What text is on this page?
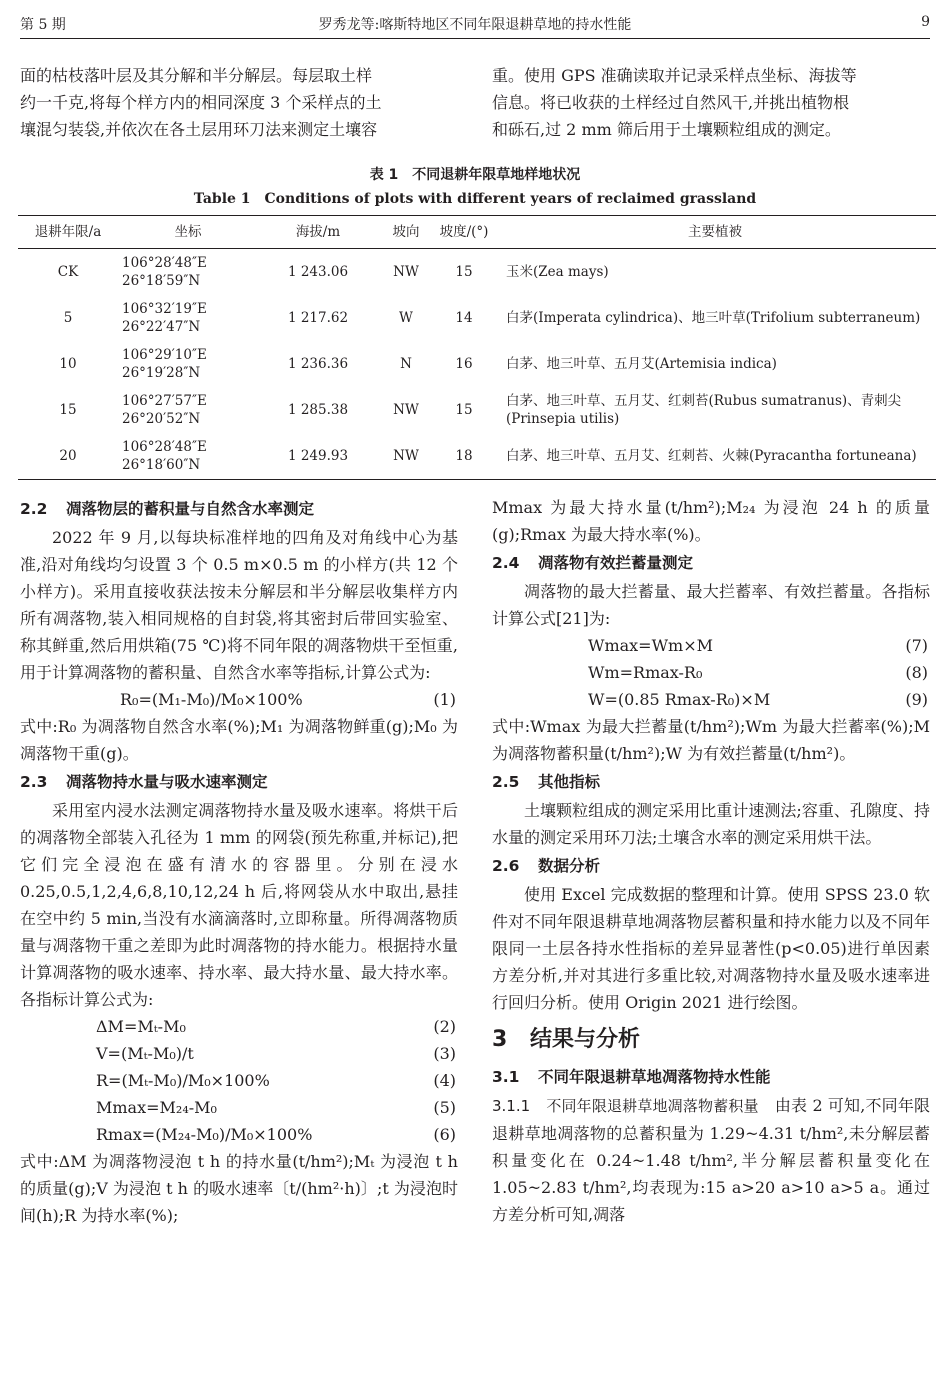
第 5 期	罗秀龙等:喀斯特地区不同年限退耕草地的持水性能	9

面的枯枝落叶层及其分解和半分解层。每层取土样

约一千克,将每个样方内的相同深度 3 个采样点的土

壤混匀装袋,并依次在各土层用环刀法来测定土壤容

重。使用 GPS 准确读取并记录采样点坐标、海拔等

信息。将已收获的土样经过自然风干,并挑出植物根

和砾石,过 2 mm 筛后用于土壤颗粒组成的测定。

表 1　不同退耕年限草地样地状况
Table 1　Conditions of plots with different years of reclaimed grassland
退耕年限/a	坐标	海拔/m	坡向	坡度/(°)	主要植被
CK	106°28′48″E
26°18′59″N	1 243.06	NW	15	玉米(Zea mays)
5	106°32′19″E
26°22′47″N	1 217.62	W	14	白茅(Imperata cylindrica)、地三叶草(Trifolium subterraneum)
10	106°29′10″E
26°19′28″N	1 236.36	N	16	白茅、地三叶草、五月艾(Artemisia indica)
15	106°27′57″E
26°20′52″N	1 285.38	NW	15	白茅、地三叶草、五月艾、红刺苔(Rubus sumatranus)、青刺尖(Prinsepia utilis)
20	106°28′48″E
26°18′60″N	1 249.93	NW	18	白茅、地三叶草、五月艾、红刺苔、火棘(Pyracantha fortuneana)
2.2 凋落物层的蓄积量与自然含水率测定

2022 年 9 月,以每块标准样地的四角及对角线中心为基准,沿对角线均匀设置 3 个 0.5 m×0.5 m 的小样方(共 12 个小样方)。采用直接收获法按未分解层和半分解层收集样方内所有凋落物,装入相同规格的自封袋,将其密封后带回实验室、称其鲜重,然后用烘箱(75 ℃)将不同年限的凋落物烘干至恒重,用于计算凋落物的蓄积量、自然含水率等指标,计算公式为:

R₀=(M₁-M₀)/M₀×100%	(1)

式中:R₀ 为凋落物自然含水率(%);M₁ 为凋落物鲜重(g);M₀ 为凋落物干重(g)。

2.3 凋落物持水量与吸水速率测定

采用室内浸水法测定凋落物持水量及吸水速率。将烘干后的凋落物全部装入孔径为 1 mm 的网袋(预先称重,并标记),把它们完全浸泡在盛有清水的容器里。分别在浸水 0.25,0.5,1,2,4,6,8,10,12,24 h 后,将网袋从水中取出,悬挂在空中约 5 min,当没有水滴滴落时,立即称量。所得凋落物质量与凋落物干重之差即为此时凋落物的持水能力。根据持水量计算凋落物的吸水速率、持水率、最大持水量、最大持水率。各指标计算公式为:

ΔM=Mₜ-M₀	(2)
V=(Mₜ-M₀)/t	(3)
R=(Mₜ-M₀)/M₀×100%	(4)
Mmax=M₂₄-M₀	(5)
Rmax=(M₂₄-M₀)/M₀×100%	(6)

式中:ΔM 为凋落物浸泡 t h 的持水量(t/hm²);Mₜ 为浸泡 t h 的质量(g);V 为浸泡 t h 的吸水速率〔t/(hm²·h)〕;t 为浸泡时间(h);R 为持水率(%);

Mmax 为最大持水量(t/hm²);M₂₄ 为浸泡 24 h 的质量(g);Rmax 为最大持水率(%)。

2.4 凋落物有效拦蓄量测定

凋落物的最大拦蓄量、最大拦蓄率、有效拦蓄量。各指标计算公式[21]为:

Wmax=Wm×M	(7)
Wm=Rmax-R₀	(8)
W=(0.85 Rmax-R₀)×M	(9)

式中:Wmax 为最大拦蓄量(t/hm²);Wm 为最大拦蓄率(%);M 为凋落物蓄积量(t/hm²);W 为有效拦蓄量(t/hm²)。

2.5 其他指标

土壤颗粒组成的测定采用比重计速测法;容重、孔隙度、持水量的测定采用环刀法;土壤含水率的测定采用烘干法。

2.6 数据分析

使用 Excel 完成数据的整理和计算。使用 SPSS 23.0 软件对不同年限退耕草地凋落物层蓄积量和持水能力以及不同年限同一土层各持水性指标的差异显著性(p<0.05)进行单因素方差分析,并对其进行多重比较,对凋落物持水量及吸水速率进行回归分析。使用 Origin 2021 进行绘图。

3 结果与分析
3.1 不同年限退耕草地凋落物持水性能

3.1.1  不同年限退耕草地凋落物蓄积量  由表 2 可知,不同年限退耕草地凋落物的总蓄积量为 1.29~4.31 t/hm²,未分解层蓄积量变化在 0.24~1.48 t/hm²,半分解层蓄积量变化在 1.05~2.83 t/hm²,均表现为:15 a>20 a>10 a>5 a。通过方差分析可知,凋落
